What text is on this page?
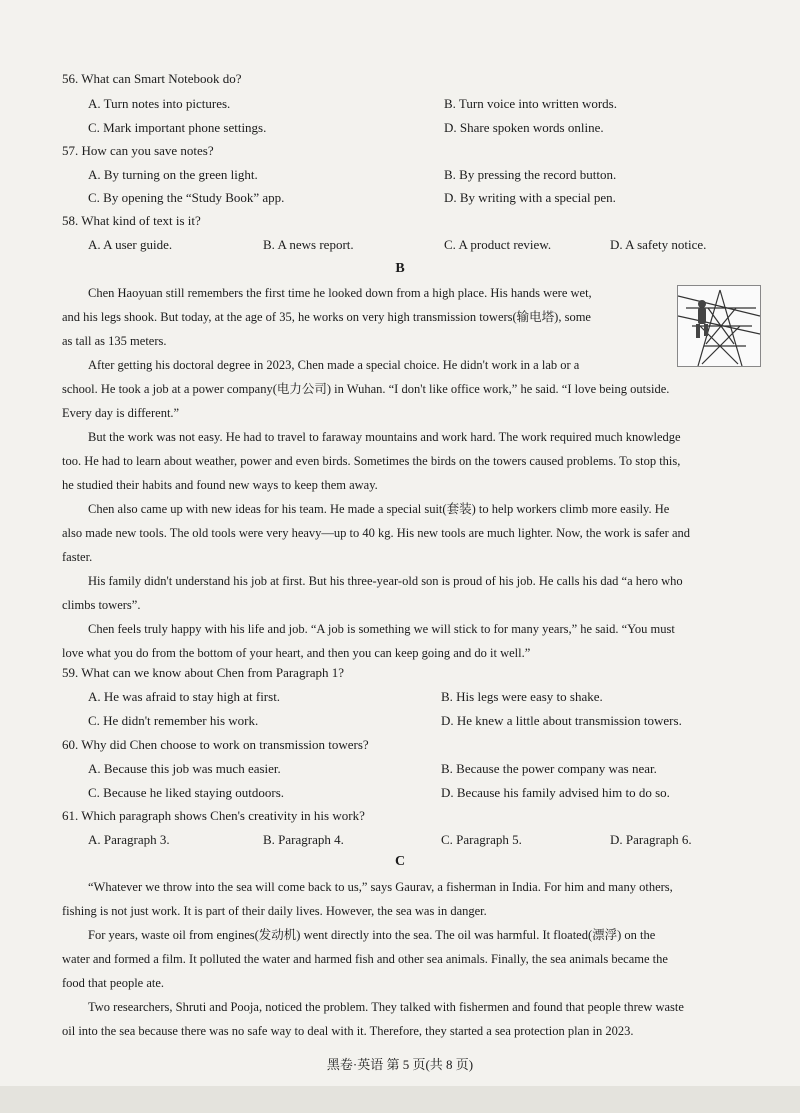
56. What can Smart Notebook do?
A. Turn notes into pictures.	B. Turn voice into written words.
C. Mark important phone settings.	D. Share spoken words online.
57. How can you save notes?
A. By turning on the green light.	B. By pressing the record button.
C. By opening the “Study Book” app.	D. By writing with a special pen.
58. What kind of text is it?
A. A user guide.	B. A news report.	C. A product review.	D. A safety notice.
B
Chen Haoyuan still remembers the first time he looked down from a high place. His hands were wet,
and his legs shook. But today, at the age of 35, he works on very high transmission towers(输电塔), some
as tall as 135 meters.
After getting his doctoral degree in 2023, Chen made a special choice. He didn't work in a lab or a
school. He took a job at a power company(电力公司) in Wuhan. “I don't like office work,” he said. “I love being outside.
Every day is different.”
But the work was not easy. He had to travel to faraway mountains and work hard. The work required much knowledge
too. He had to learn about weather, power and even birds. Sometimes the birds on the towers caused problems. To stop this,
he studied their habits and found new ways to keep them away.
Chen also came up with new ideas for his team. He made a special suit(套装) to help workers climb more easily. He
also made new tools. The old tools were very heavy—up to 40 kg. His new tools are much lighter. Now, the work is safer and
faster.
His family didn't understand his job at first. But his three-year-old son is proud of his job. He calls his dad “a hero who
climbs towers”.
Chen feels truly happy with his life and job. “A job is something we will stick to for many years,” he said. “You must
love what you do from the bottom of your heart, and then you can keep going and do it well.”
59. What can we know about Chen from Paragraph 1?
A. He was afraid to stay high at first.	B. His legs were easy to shake.
C. He didn't remember his work.	D. He knew a little about transmission towers.
60. Why did Chen choose to work on transmission towers?
A. Because this job was much easier.	B. Because the power company was near.
C. Because he liked staying outdoors.	D. Because his family advised him to do so.
61. Which paragraph shows Chen's creativity in his work?
A. Paragraph 3.	B. Paragraph 4.	C. Paragraph 5.	D. Paragraph 6.
C
“Whatever we throw into the sea will come back to us,” says Gaurav, a fisherman in India. For him and many others,
fishing is not just work. It is part of their daily lives. However, the sea was in danger.
For years, waste oil from engines(发动机) went directly into the sea. The oil was harmful. It floated(漂浮) on the
water and formed a film. It polluted the water and harmed fish and other sea animals. Finally, the sea animals became the
food that people ate.
Two researchers, Shruti and Pooja, noticed the problem. They talked with fishermen and found that people threw waste
oil into the sea because there was no safe way to deal with it. Therefore, they started a sea protection plan in 2023.
黑卷·英语 第 5 页(共 8 页)
